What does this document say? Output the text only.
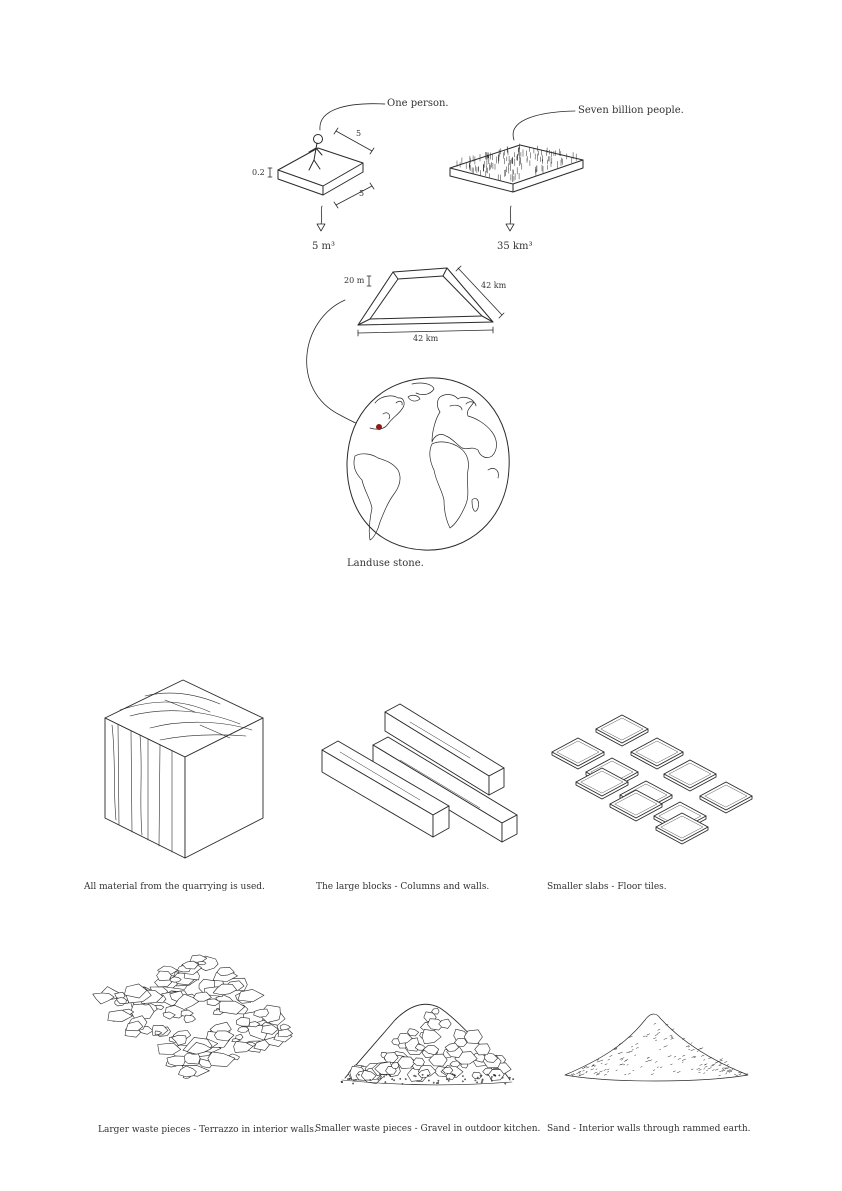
One person.
Seven billion people.
5
5
0.2
5 m³	35 km³
20 m
42 km
42 km
Landuse stone.
All material from the quarrying is used.	The large blocks - Columns and walls.	Smaller slabs - Floor tiles.
Larger waste pieces - Terrazzo in interior walls.
Smaller waste pieces - Gravel in outdoor kitchen. Sand - Interior walls through rammed earth.
